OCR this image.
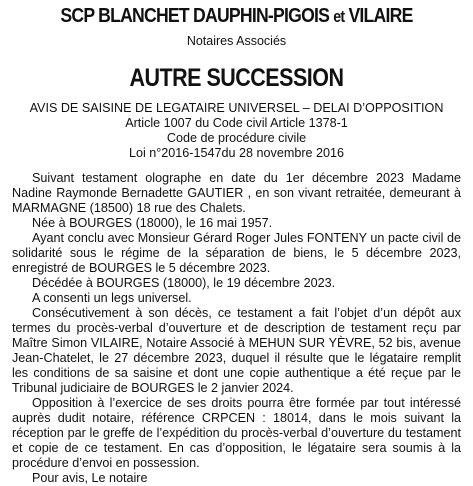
SCP BLANCHET DAUPHIN-PIGOIS et VILAIRE
Notaires Associés
AUTRE SUCCESSION
AVIS DE SAISINE DE LEGATAIRE UNIVERSEL – DELAI D’OPPOSITION
Article 1007 du Code civil Article 1378-1
Code de procédure civile
Loi n°2016-1547du 28 novembre 2016

Suivant testament olographe en date du 1er décembre 2023 Madame Nadine Raymonde Bernadette GAUTIER , en son vivant retraitée, demeurant à MARMAGNE (18500) 18 rue des Chalets.

Née à BOURGES (18000), le 16 mai 1957.

Ayant conclu avec Monsieur Gérard Roger Jules FONTENY un pacte civil de solidarité sous le régime de la séparation de biens, le 5 décembre 2023, enregistré de BOURGES le 5 décembre 2023.

Décédée à BOURGES (18000), le 19 décembre 2023.

A consenti un legs universel.

Consécutivement à son décès, ce testament a fait l’objet d’un dépôt aux termes du procès-verbal d’ouverture et de description de testament reçu par Maître Simon VILAIRE, Notaire Associé à MEHUN SUR YÈVRE, 52 bis, avenue Jean-Chatelet, le 27 décembre 2023, duquel il résulte que le légataire remplit les conditions de sa saisine et dont une copie authentique a été reçue par le Tribunal judiciaire de BOURGES le 2 janvier 2024.

Opposition à l’exercice de ses droits pourra être formée par tout intéressé auprès dudit notaire, référence CRPCEN : 18014, dans le mois suivant la réception par le greffe de l’expédition du procès-verbal d’ouverture du testament et copie de ce testament. En cas d’opposition, le légataire sera soumis à la procédure d’envoi en possession.

Pour avis, Le notaire
